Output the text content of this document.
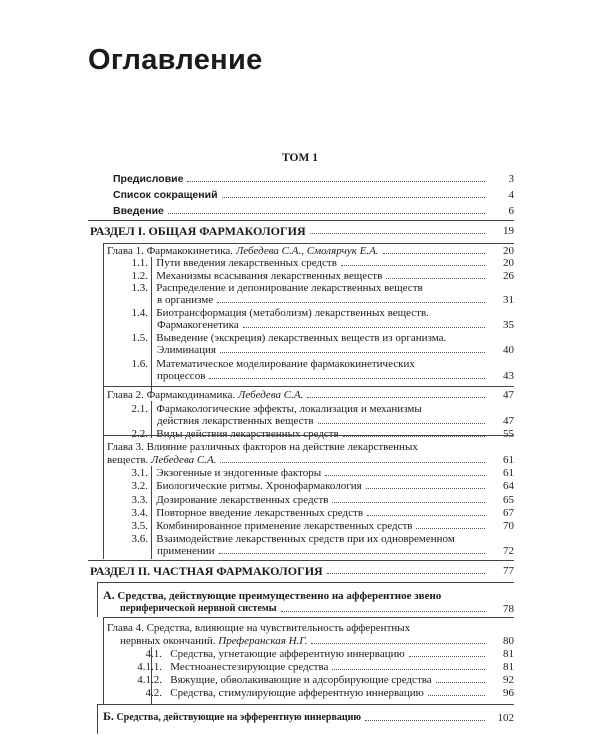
Оглавление
ТОМ 1
Предисловие	3
Список сокращений	4
Введение	6
РАЗДЕЛ I. ОБЩАЯ ФАРМАКОЛОГИЯ	19
Глава 1. Фармакокинетика. Лебедева С.А., Смолярчук Е.А.	20
1.1. Пути введения лекарственных средств	20
1.2. Механизмы всасывания лекарственных веществ	26
1.3. Распределение и депонирование лекарственных веществ
в организме	31
1.4. Биотрансформация (метаболизм) лекарственных веществ.
Фармакогенетика	35
1.5. Выведение (экскреция) лекарственных веществ из организма.
Элиминация	40
1.6. Математическое моделирование фармакокинетических
процессов	43
Глава 2. Фармакодинамика. Лебедева С.А.	47
2.1. Фармакологические эффекты, локализация и механизмы
действия лекарственных веществ	47
2.2. Виды действия лекарственных средств	55
Глава 3. Влияние различных факторов на действие лекарственных
веществ. Лебедева С.А.	61
3.1. Экзогенные и эндогенные факторы	61
3.2. Биологические ритмы. Хронофармакология	64
3.3. Дозирование лекарственных средств	65
3.4. Повторное введение лекарственных средств	67
3.5. Комбинированное применение лекарственных средств	70
3.6. Взаимодействие лекарственных средств при их одновременном
применении	72
РАЗДЕЛ II. ЧАСТНАЯ ФАРМАКОЛОГИЯ	77
А. Средства, действующие преимущественно на афферентное звено
периферической нервной системы	78
Глава 4. Средства, влияющие на чувствительность афферентных
нервных окончаний. Преферанская Н.Г.	80
4.1. Средства, угнетающие афферентную иннервацию	81
4.1.1. Местноанестезирующие средства	81
4.1.2. Вяжущие, обволакивающие и адсорбирующие средства	92
4.2. Средства, стимулирующие афферентную иннервацию	96
Б. Средства, действующие на эфферентную иннервацию	102
